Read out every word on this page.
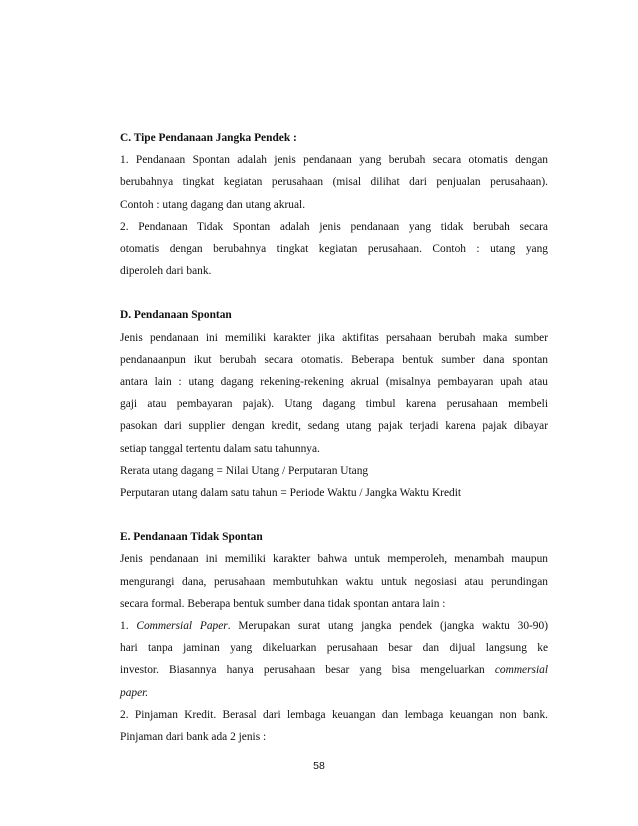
C. Tipe Pendanaan Jangka Pendek :
1. Pendanaan Spontan adalah jenis pendanaan yang berubah secara otomatis dengan
berubahnya tingkat kegiatan perusahaan (misal dilihat dari penjualan perusahaan).
Contoh : utang dagang dan utang akrual.
2. Pendanaan Tidak Spontan adalah jenis pendanaan yang tidak berubah secara
otomatis dengan berubahnya tingkat kegiatan perusahaan. Contoh : utang yang
diperoleh dari bank.
D. Pendanaan Spontan
Jenis pendanaan ini memiliki karakter jika aktifitas persahaan berubah maka sumber
pendanaanpun ikut berubah secara otomatis. Beberapa bentuk sumber dana spontan
antara lain : utang dagang rekening-rekening akrual (misalnya pembayaran upah atau
gaji atau pembayaran pajak). Utang dagang timbul karena perusahaan membeli
pasokan dari supplier dengan kredit, sedang utang pajak terjadi karena pajak dibayar
setiap tanggal tertentu dalam satu tahunnya.
Rerata utang dagang = Nilai Utang / Perputaran Utang
Perputaran utang dalam satu tahun = Periode Waktu / Jangka Waktu Kredit
E. Pendanaan Tidak Spontan
Jenis pendanaan ini memiliki karakter bahwa untuk memperoleh, menambah maupun
mengurangi dana, perusahaan membutuhkan waktu untuk negosiasi atau perundingan
secara formal. Beberapa bentuk sumber dana tidak spontan antara lain :
1. Commersial Paper. Merupakan surat utang jangka pendek (jangka waktu 30-90)
hari tanpa jaminan yang dikeluarkan perusahaan besar dan dijual langsung ke
investor. Biasannya hanya perusahaan besar yang bisa mengeluarkan commersial
paper.
2. Pinjaman Kredit. Berasal dari lembaga keuangan dan lembaga keuangan non bank.
Pinjaman dari bank ada 2 jenis :
58
